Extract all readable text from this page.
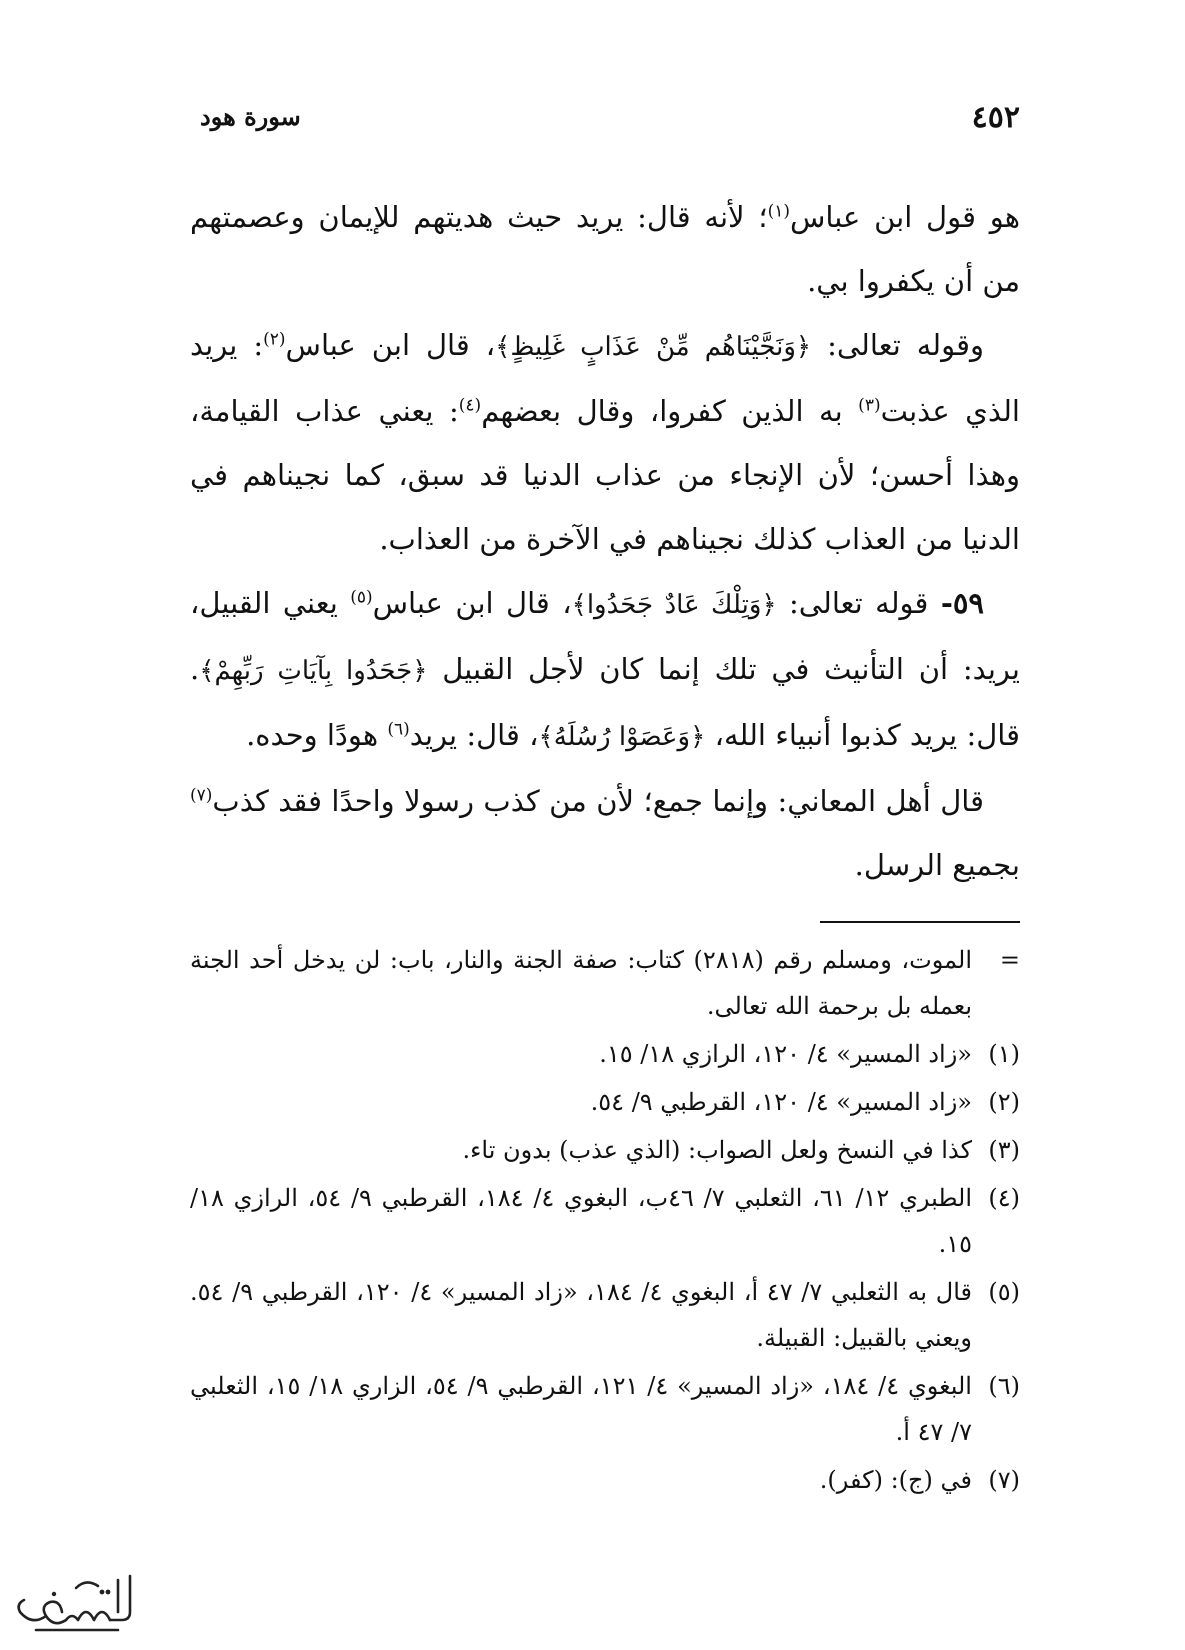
٤٥٢
سورة هود

هو قول ابن عباس$^{(١)}$؛ لأنه قال: يريد حيث هديتهم للإيمان وعصمتهم من أن يكفروا بي.

وقوله تعالى: ﴿وَنَجَّيْنَاهُم مِّنْ عَذَابٍ غَلِيظٍ﴾، قال ابن عباس$^{(٢)}$: يريد الذي عذبت$^{(٣)}$ به الذين كفروا، وقال بعضهم$^{(٤)}$: يعني عذاب القيامة، وهذا أحسن؛ لأن الإنجاء من عذاب الدنيا قد سبق، كما نجيناهم في الدنيا من العذاب كذلك نجيناهم في الآخرة من العذاب.

٥٩- قوله تعالى: ﴿وَتِلْكَ عَادٌ جَحَدُوا﴾، قال ابن عباس$^{(٥)}$ يعني القبيل، يريد: أن التأنيث في تلك إنما كان لأجل القبيل ﴿جَحَدُوا بِآيَاتِ رَبِّهِمْ﴾. قال: يريد كذبوا أنبياء الله، ﴿وَعَصَوْا رُسُلَهُ﴾، قال: يريد$^{(٦)}$ هودًا وحده.

قال أهل المعاني: وإنما جمع؛ لأن من كذب رسولا واحدًا فقد كذب$^{(٧)}$ بجميع الرسل.

=
الموت، ومسلم رقم (٢٨١٨) كتاب: صفة الجنة والنار، باب: لن يدخل أحد الجنة بعمله بل برحمة الله تعالى.
(١)
«زاد المسير» ٤/ ١٢٠، الرازي ١٨/ ١٥.
(٢)
«زاد المسير» ٤/ ١٢٠، القرطبي ٩/ ٥٤.
(٣)
كذا في النسخ ولعل الصواب: (الذي عذب) بدون تاء.
(٤)
الطبري ١٢/ ٦١، الثعلبي ٧/ ٤٦ب، البغوي ٤/ ١٨٤، القرطبي ٩/ ٥٤، الرازي ١٨/ ١٥.
(٥)
قال به الثعلبي ٧/ ٤٧ أ، البغوي ٤/ ١٨٤، «زاد المسير» ٤/ ١٢٠، القرطبي ٩/ ٥٤. ويعني بالقبيل: القبيلة.
(٦)
البغوي ٤/ ١٨٤، «زاد المسير» ٤/ ١٢١، القرطبي ٩/ ٥٤، الزاري ١٨/ ١٥، الثعلبي ٧/ ٤٧ أ.
(٧)
في (ج): (كفر).
